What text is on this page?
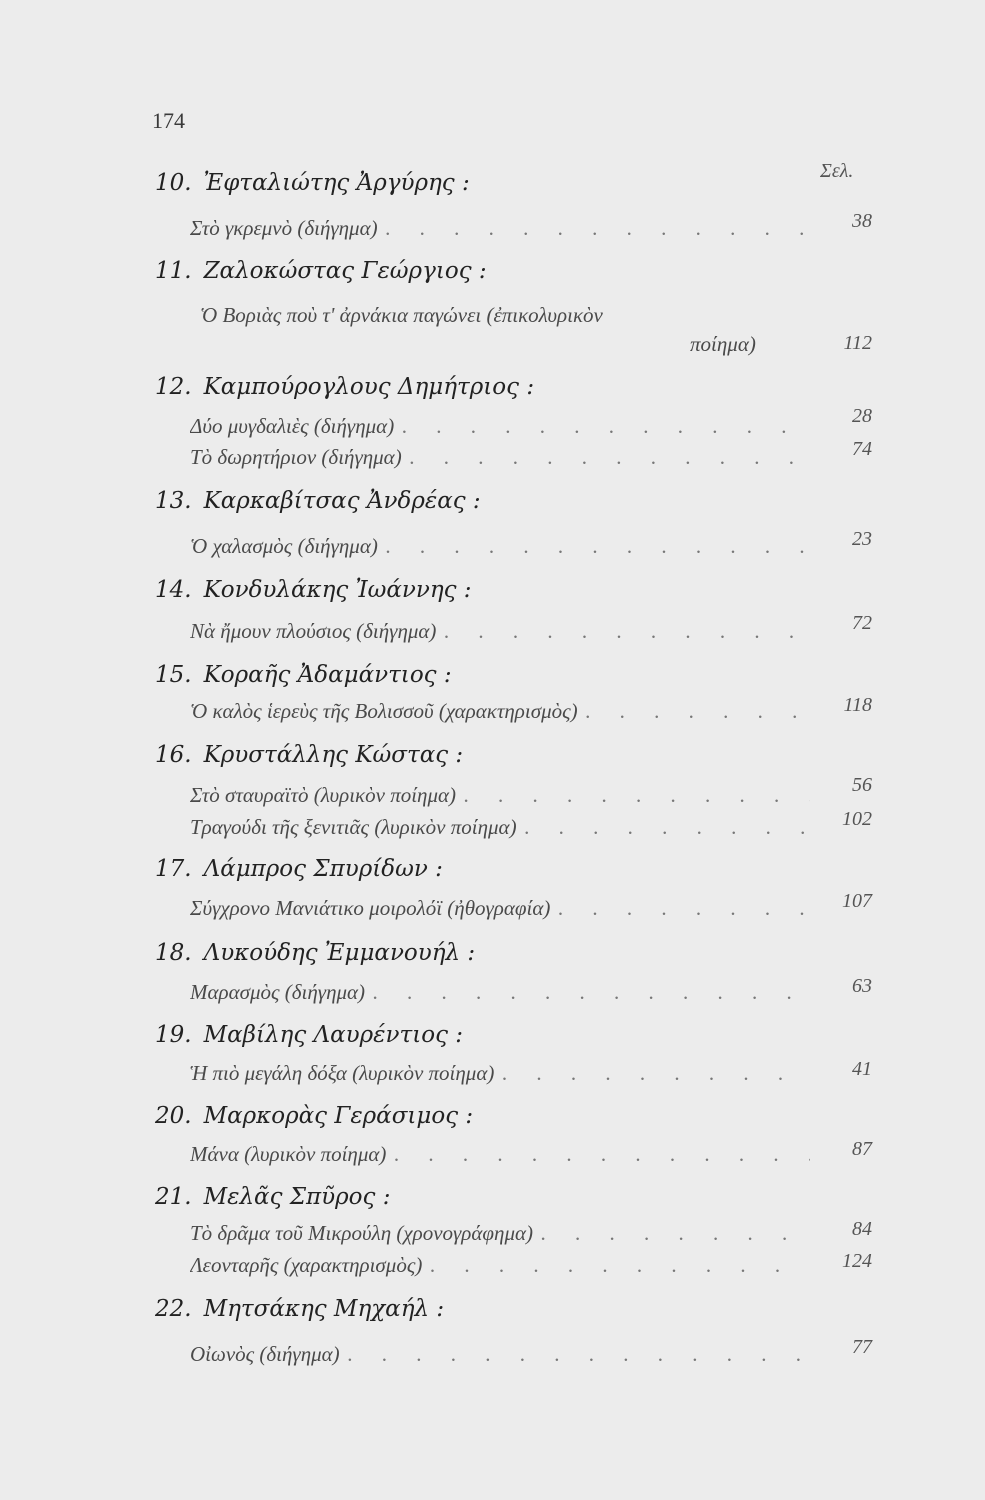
174
Σελ.
10. Ἐφταλιώτης Ἀργύρης :
Στὸ γκρεμνὸ (διήγημα) . . .	38
11. Ζαλοκώστας Γεώργιος :
Ὁ Βοριὰς ποὺ τ' ἀρνάκια παγώνει (ἐπικολυρικὸν
ποίημα)	112
12. Καμπούρογλους Δημήτριος :
Δύο μυγδαλιὲς (διήγημα) . . .	28
Τὸ δωρητήριον (διήγημα) . . .	74
13. Καρκαβίτσας Ἀνδρέας :
Ὁ χαλασμὸς (διήγημα) . . .	23
14. Κονδυλάκης Ἰωάννης :
Νὰ ἤμουν πλούσιος (διήγημα) . . .	72
15. Κοραῆς Ἀδαμάντιος :
Ὁ καλὸς ἱερεὺς τῆς Βολισσοῦ (χαρακτηρισμὸς) . . .	118
16. Κρυστάλλης Κώστας :
Στὸ σταυραϊτὸ (λυρικὸν ποίημα) . . .	56
Τραγούδι τῆς ξενιτιᾶς (λυρικὸν ποίημα) . . .	102
17. Λάμπρος Σπυρίδων :
Σύγχρονο Μανιάτικο μοιρολόϊ (ἠθογραφία) . . .	107
18. Λυκούδης Ἐμμανουήλ :
Μαρασμὸς (διήγημα) . . .	63
19. Μαβίλης Λαυρέντιος :
Ἡ πιὸ μεγάλη δόξα (λυρικὸν ποίημα) . . .	41
20. Μαρκορὰς Γεράσιμος :
Μάνα (λυρικὸν ποίημα) . . .	87
21. Μελᾶς Σπῦρος :
Τὸ δρᾶμα τοῦ Μικρούλη (χρονογράφημα) . . .	84
Λεονταρῆς (χαρακτηρισμὸς) . . .	124
22. Μητσάκης Μηχαήλ :
Οἰωνὸς (διήγημα) . . .	77
